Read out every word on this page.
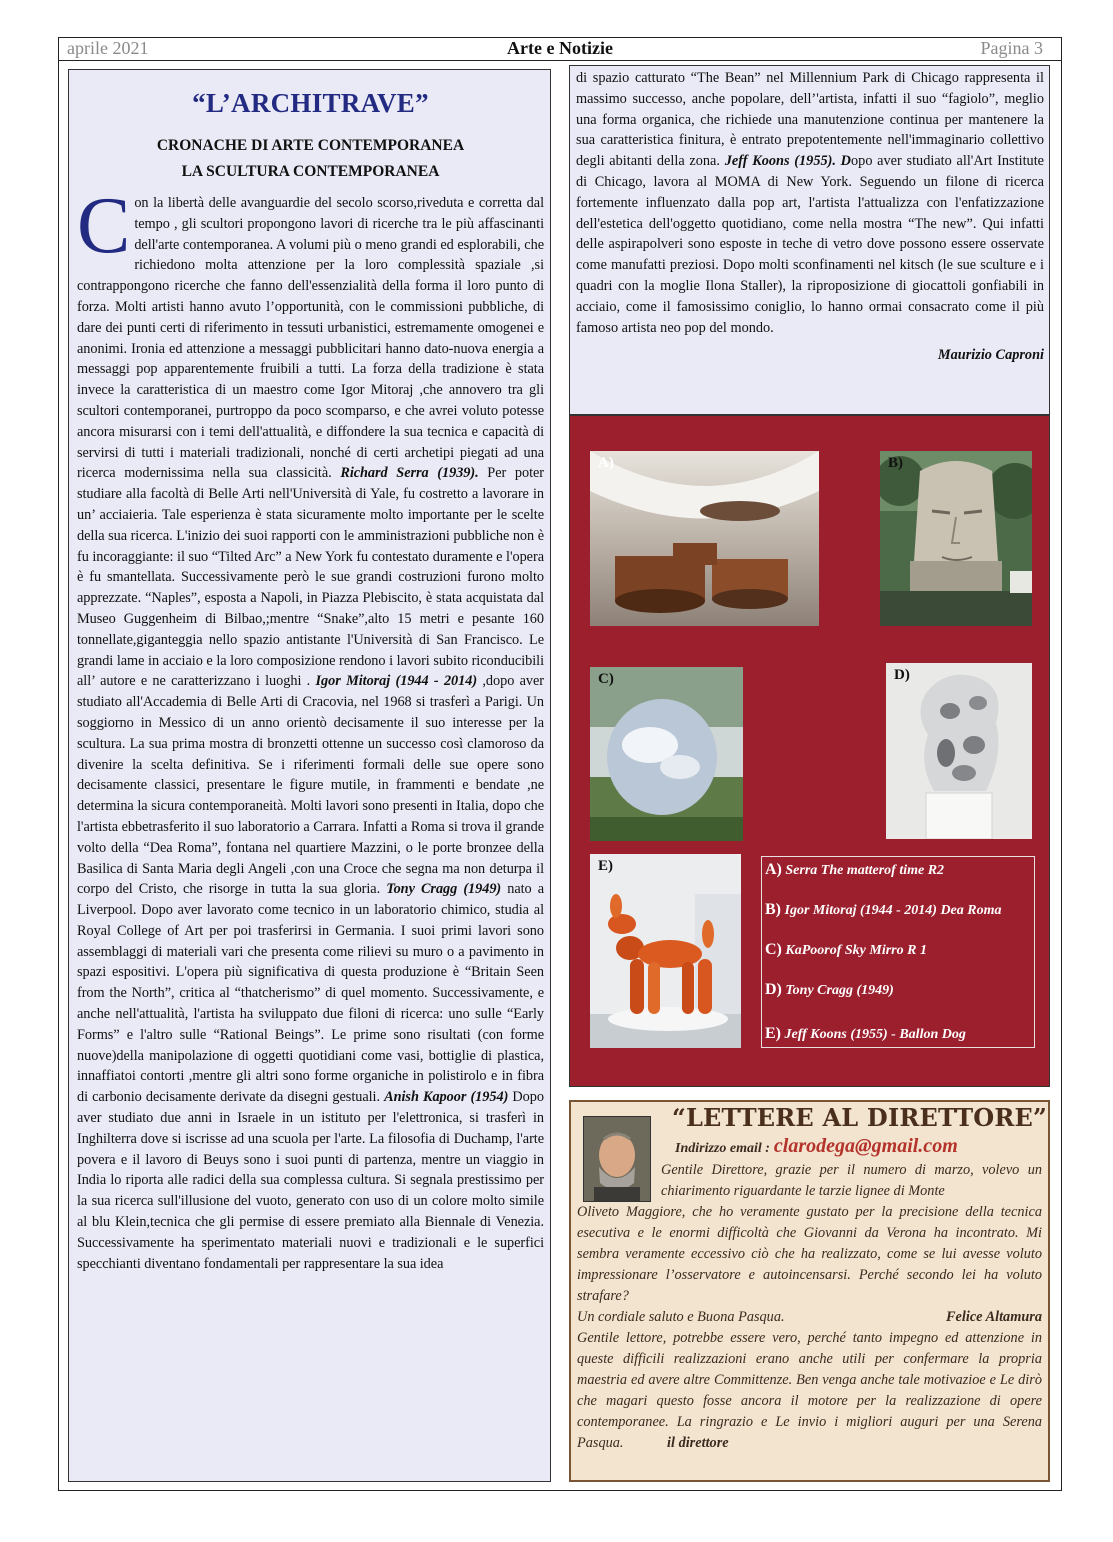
aprile 2021	Arte e Notizie	Pagina 3
“L’ARCHITRAVE”
CRONACHE DI ARTE CONTEMPORANEA
LA SCULTURA CONTEMPORANEA
Con la libertà delle avanguardie del secolo scorso,riveduta e corretta dal tempo , gli scultori propongono lavori di ricerche tra le più affascinanti dell'arte contemporanea. A volumi più o meno grandi ed esplorabili, che richiedono molta attenzione per la loro complessità spaziale ,si contrappongono ricerche che fanno dell'essenzialità della forma il loro punto di forza. Molti artisti hanno avuto l’opportunità, con le commissioni pubbliche, di dare dei punti certi di riferimento in tessuti urbanistici, estremamente omogenei e anonimi. Ironia ed attenzione a messaggi pubblicitari hanno dato-nuova energia a messaggi pop apparentemente fruibili a tutti. La forza della tradizione è stata invece la caratteristica di un maestro come Igor Mitoraj ,che annovero tra gli scultori contemporanei, purtroppo da poco scomparso, e che avrei voluto potesse ancora misurarsi con i temi dell'attualità, e diffondere la sua tecnica e capacità di servirsi di tutti i materiali tradizionali, nonché di certi archetipi piegati ad una ricerca modernissima nella sua classicità. Richard Serra (1939). Per poter studiare alla facoltà di Belle Arti nell'Università di Yale, fu costretto a lavorare in un’ acciaieria. Tale esperienza è stata sicuramente molto importante per le scelte della sua ricerca. L'inizio dei suoi rapporti con le amministrazioni pubbliche non è fu incoraggiante: il suo “Tilted Arc” a New York fu contestato duramente e l'opera è fu smantellata. Successivamente però le sue grandi costruzioni furono molto apprezzate. “Naples”, esposta a Napoli, in Piazza Plebiscito, è stata acquistata dal Museo Guggenheim di Bilbao,;mentre “Snake”,alto 15 metri e pesante 160 tonnellate,giganteggia nello spazio antistante l'Università di San Francisco. Le grandi lame in acciaio e la loro composizione rendono i lavori subito riconducibili all’ autore e ne caratterizzano i luoghi . Igor Mitoraj (1944 - 2014) ,dopo aver studiato all'Accademia di Belle Arti di Cracovia, nel 1968 si trasferì a Parigi. Un soggiorno in Messico di un anno orientò decisamente il suo interesse per la scultura. La sua prima mostra di bronzetti ottenne un successo così clamoroso da divenire la scelta definitiva. Se i riferimenti formali delle sue opere sono decisamente classici, presentare le figure mutile, in frammenti e bendate ,ne determina la sicura contemporaneità. Molti lavori sono presenti in Italia, dopo che l'artista ebbetrasferito il suo laboratorio a Carrara. Infatti a Roma si trova il grande volto della “Dea Roma”, fontana nel quartiere Mazzini, o le porte bronzee della Basilica di Santa Maria degli Angeli ,con una Croce che segna ma non deturpa il corpo del Cristo, che risorge in tutta la sua gloria. Tony Cragg (1949) nato a Liverpool. Dopo aver lavorato come tecnico in un laboratorio chimico, studia al Royal College of Art per poi trasferirsi in Germania. I suoi primi lavori sono assemblaggi di materiali vari che presenta come rilievi su muro o a pavimento in spazi espositivi. L'opera più significativa di questa produzione è “Britain Seen from the North”, critica al “thatcherismo” di quel momento. Successivamente, e anche nell'attualità, l'artista ha sviluppato due filoni di ricerca: uno sulle “Early Forms” e l'altro sulle “Rational Beings”. Le prime sono risultati (con forme nuove)della manipolazione di oggetti quotidiani come vasi, bottiglie di plastica, innaffiatoi contorti ,mentre gli altri sono forme organiche in polistirolo e in fibra di carbonio decisamente derivate da disegni gestuali. Anish Kapoor (1954) Dopo aver studiato due anni in Israele in un istituto per l'elettronica, si trasferì in Inghilterra dove si iscrisse ad una scuola per l'arte. La filosofia di Duchamp, l'arte povera e il lavoro di Beuys sono i suoi punti di partenza, mentre un viaggio in India lo riporta alle radici della sua complessa cultura. Si segnala prestissimo per la sua ricerca sull'illusione del vuoto, generato con uso di un colore molto simile al blu Klein,tecnica che gli permise di essere premiato alla Biennale di Venezia. Successivamente ha sperimentato materiali nuovi e tradizionali e le superfici specchianti diventano fondamentali per rappresentare la sua idea
di spazio catturato “The Bean” nel Millennium Park di Chicago rappresenta il massimo successo, anche popolare, dell’'artista, infatti il suo “fagiolo”, meglio una forma organica, che richiede una manutenzione continua per mantenere la sua caratteristica finitura, è entrato prepotentemente nell'immaginario collettivo degli abitanti della zona. Jeff Koons (1955). Dopo aver studiato all'Art Institute di Chicago, lavora al MOMA di New York. Seguendo un filone di ricerca fortemente influenzato dalla pop art, l'artista l'attualizza con l'enfatizzazione dell'estetica dell'oggetto quotidiano, come nella mostra “The new”. Qui infatti delle aspirapolveri sono esposte in teche di vetro dove possono essere osservate come manufatti preziosi. Dopo molti sconfinamenti nel kitsch (le sue sculture e i quadri con la moglie Ilona Staller), la riproposizione di giocattoli gonfiabili in acciaio, come il famosissimo coniglio, lo hanno ormai consacrato come il più famoso artista neo pop del mondo.
Maurizio Caproni
A)	B)
C)	D)
E)	A) Serra The matterof time R2
B) Igor Mitoraj (1944 - 2014) Dea Roma
C) KaPoorof Sky Mirro R 1
D) Tony Cragg (1949)
E) Jeff Koons (1955) - Ballon Dog
“LETTERE AL DIRETTORE”
Indirizzo email : clarodega@gmail.com
Gentile Direttore, grazie per il numero di marzo, volevo un chiarimento riguardante le tarzie lignee di Monte
Oliveto Maggiore, che ho veramente gustato per la precisione della tecnica esecutiva e le enormi difficoltà che Giovanni da Verona ha incontrato. Mi sembra veramente eccessivo ciò che ha realizzato, come se lui avesse voluto impressionare l’osservatore e autoincensarsi. Perché secondo lei ha voluto strafare?
Un cordiale saluto e Buona Pasqua.	Felice Altamura
Gentile lettore, potrebbe essere vero, perché tanto impegno ed attenzione in queste difficili realizzazioni erano anche utili per confermare la propria maestria ed avere altre Committenze. Ben venga anche tale motivazioe e Le dirò che magari questo fosse ancora il motore per la realizzazione di opere contemporanee. La ringrazio e Le invio i migliori auguri per una Serena Pasqua.	il direttore
